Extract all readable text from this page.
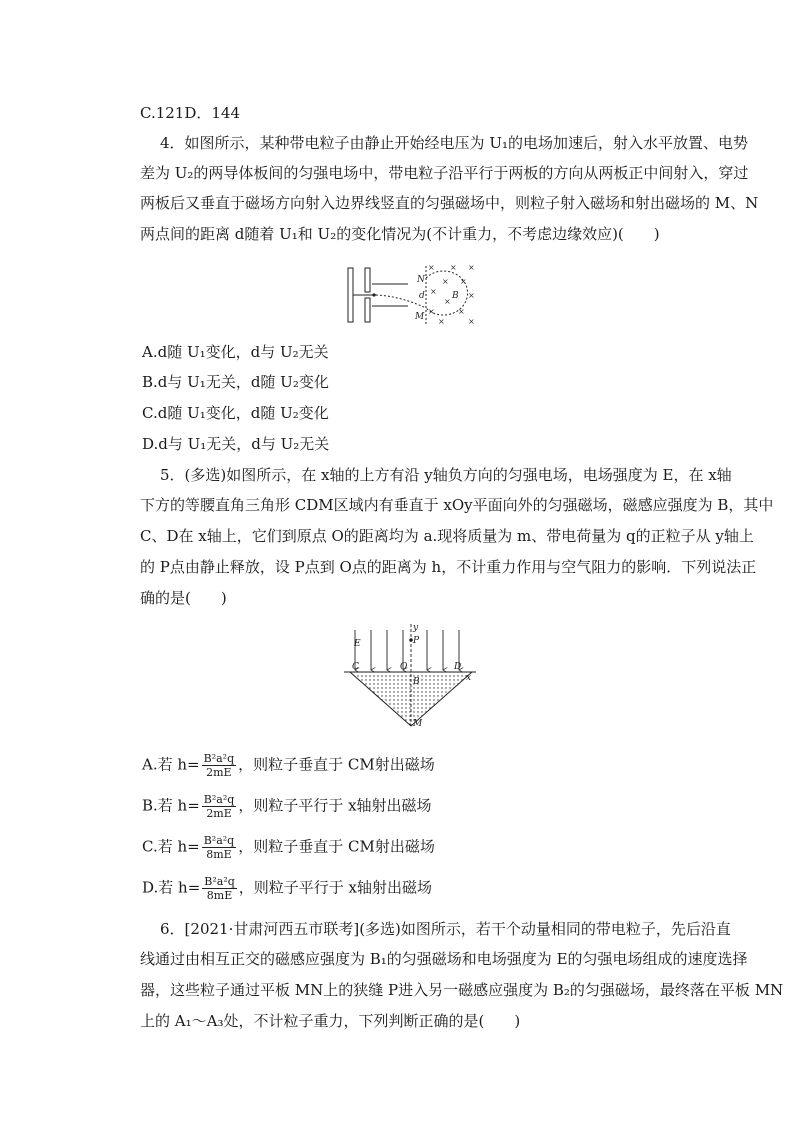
C.121D．144
4．如图所示，某种带电粒子由静止开始经电压为 U₁的电场加速后，射入水平放置、电势
差为 U₂的两导体板间的匀强电场中，带电粒子沿平行于两板的方向从两板正中间射入，穿过
两板后又垂直于磁场方向射入边界线竖直的匀强磁场中，则粒子射入磁场和射出磁场的 M、N
两点间的距离 d随着 U₁和 U₂的变化情况为(不计重力，不考虑边缘效应)(　　)
× × ×
× ×
×	×
×
×	×
×	×
N
d
M
B
A.d随 U₁变化，d与 U₂无关
B.d与 U₁无关，d随 U₂变化
C.d随 U₁变化，d随 U₂变化
D.d与 U₁无关，d与 U₂无关
5．(多选)如图所示，在 x轴的上方有沿 y轴负方向的匀强电场，电场强度为 E，在 x轴
下方的等腰直角三角形 CDM区域内有垂直于 xOy平面向外的匀强磁场，磁感应强度为 B，其中
C、D在 x轴上，它们到原点 O的距离均为 a.现将质量为 m、带电荷量为 q的正粒子从 y轴上
的 P点由静止释放，设 P点到 O点的距离为 h，不计重力作用与空气阻力的影响．下列说法正
确的是(　　)
y
P
E
C	O	D
x
B
M
A.若 $h= \frac{\text{B²a²q}}{2mE}$ ，则粒子垂直于 CM射出磁场
B.若 $h= \frac{\text{B²a²q}}{2mE}$ ，则粒子平行于 x轴射出磁场
C.若 $h= \frac{\text{B²a²q}}{8mE}$ ，则粒子垂直于 CM射出磁场
D.若 $h= \frac{\text{B²a²q}}{8mE}$ ，则粒子平行于 x轴射出磁场
6．[2021·甘肃河西五市联考](多选)如图所示，若干个动量相同的带电粒子，先后沿直
线通过由相互正交的磁感应强度为 B₁的匀强磁场和电场强度为 E的匀强电场组成的速度选择
器，这些粒子通过平板 MN上的狭缝 P进入另一磁感应强度为 B₂的匀强磁场，最终落在平板 MN
上的 A₁～A₃处，不计粒子重力，下列判断正确的是(　　)
